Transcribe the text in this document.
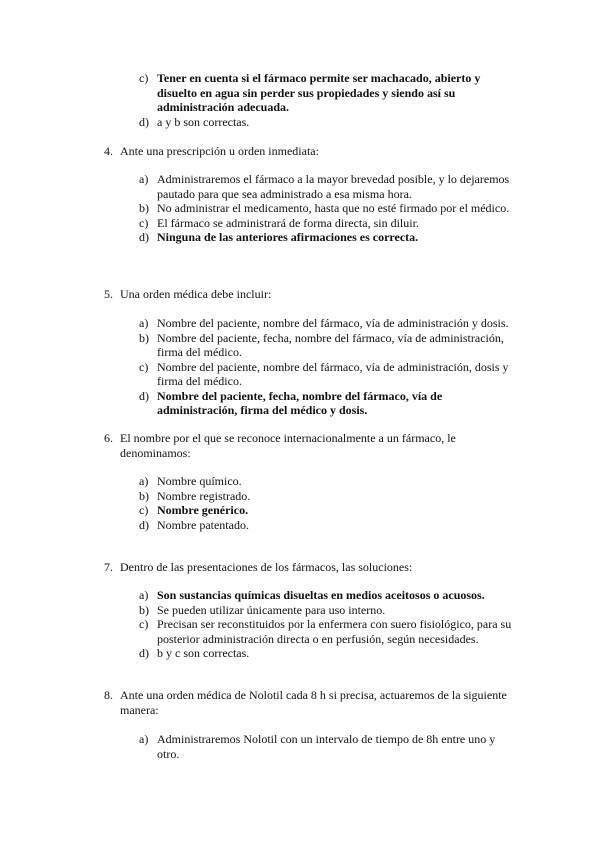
c) Tener en cuenta si el fármaco permite ser machacado, abierto y disuelto en agua sin perder sus propiedades y siendo así su administración adecuada.
d) a y b son correctas.
4. Ante una prescripción u orden inmediata:
a) Administraremos el fármaco a la mayor brevedad posible, y lo dejaremos pautado para que sea administrado a esa misma hora.
b) No administrar el medicamento, hasta que no esté firmado por el médico.
c) El fármaco se administrará de forma directa, sin diluir.
d) Ninguna de las anteriores afirmaciones es correcta.
5. Una orden médica debe incluir:
a) Nombre del paciente, nombre del fármaco, vía de administración y dosis.
b) Nombre del paciente, fecha, nombre del fármaco, vía de administración, firma del médico.
c) Nombre del paciente, nombre del fármaco, vía de administración, dosis y firma del médico.
d) Nombre del paciente, fecha, nombre del fármaco, vía de administración, firma del médico y dosis.
6. El nombre por el que se reconoce internacionalmente a un fármaco, le denominamos:
a) Nombre químico.
b) Nombre registrado.
c) Nombre genérico.
d) Nombre patentado.
7. Dentro de las presentaciones de los fármacos, las soluciones:
a) Son sustancias químicas disueltas en medios aceitosos o acuosos.
b) Se pueden utilizar únicamente para uso interno.
c) Precisan ser reconstituidos por la enfermera con suero fisiológico, para su posterior administración directa o en perfusión, según necesidades.
d) b y c son correctas.
8. Ante una orden médica de Nolotil cada 8 h si precisa, actuaremos de la siguiente manera:
a) Administraremos Nolotil con un intervalo de tiempo de 8h entre uno y otro.
